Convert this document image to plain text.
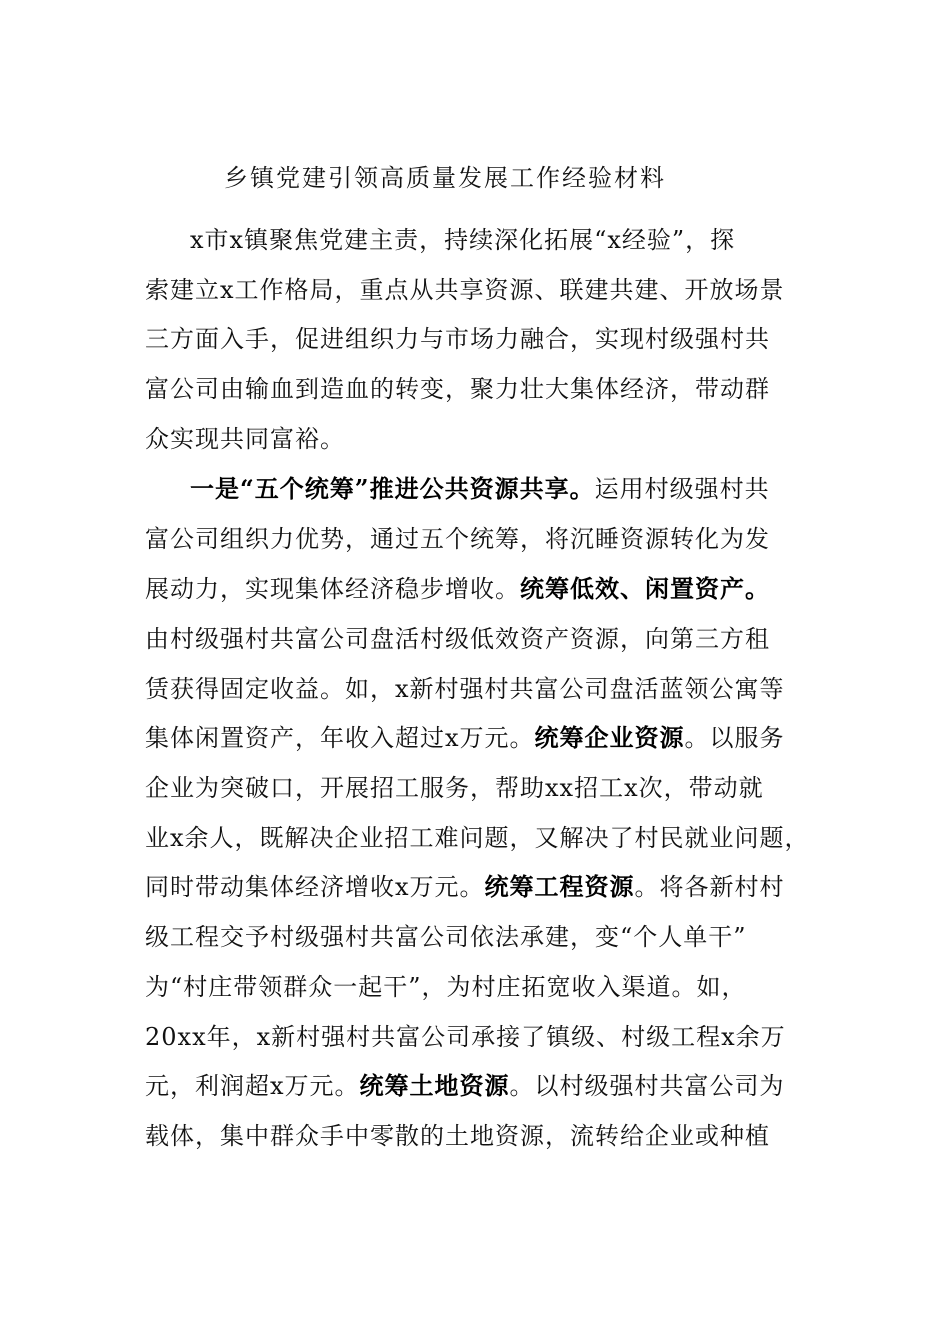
乡镇党建引领高质量发展工作经验材料
x市x镇聚焦党建主责，持续深化拓展“x经验”，探
索建立x工作格局，重点从共享资源、联建共建、开放场景
三方面入手，促进组织力与市场力融合，实现村级强村共
富公司由输血到造血的转变，聚力壮大集体经济，带动群
众实现共同富裕。
一是“五个统筹”推进公共资源共享。运用村级强村共
富公司组织力优势，通过五个统筹，将沉睡资源转化为发
展动力，实现集体经济稳步增收。统筹低效、闲置资产。
由村级强村共富公司盘活村级低效资产资源，向第三方租
赁获得固定收益。如，x新村强村共富公司盘活蓝领公寓等
集体闲置资产，年收入超过x万元。统筹企业资源。以服务
企业为突破口，开展招工服务，帮助xx招工x次，带动就
业x余人，既解决企业招工难问题，又解决了村民就业问题，
同时带动集体经济增收x万元。统筹工程资源。将各新村村
级工程交予村级强村共富公司依法承建，变“个人单干”
为“村庄带领群众一起干”，为村庄拓宽收入渠道。如，
20xx年，x新村强村共富公司承接了镇级、村级工程x余万
元，利润超x万元。统筹土地资源。以村级强村共富公司为
载体，集中群众手中零散的土地资源，流转给企业或种植
